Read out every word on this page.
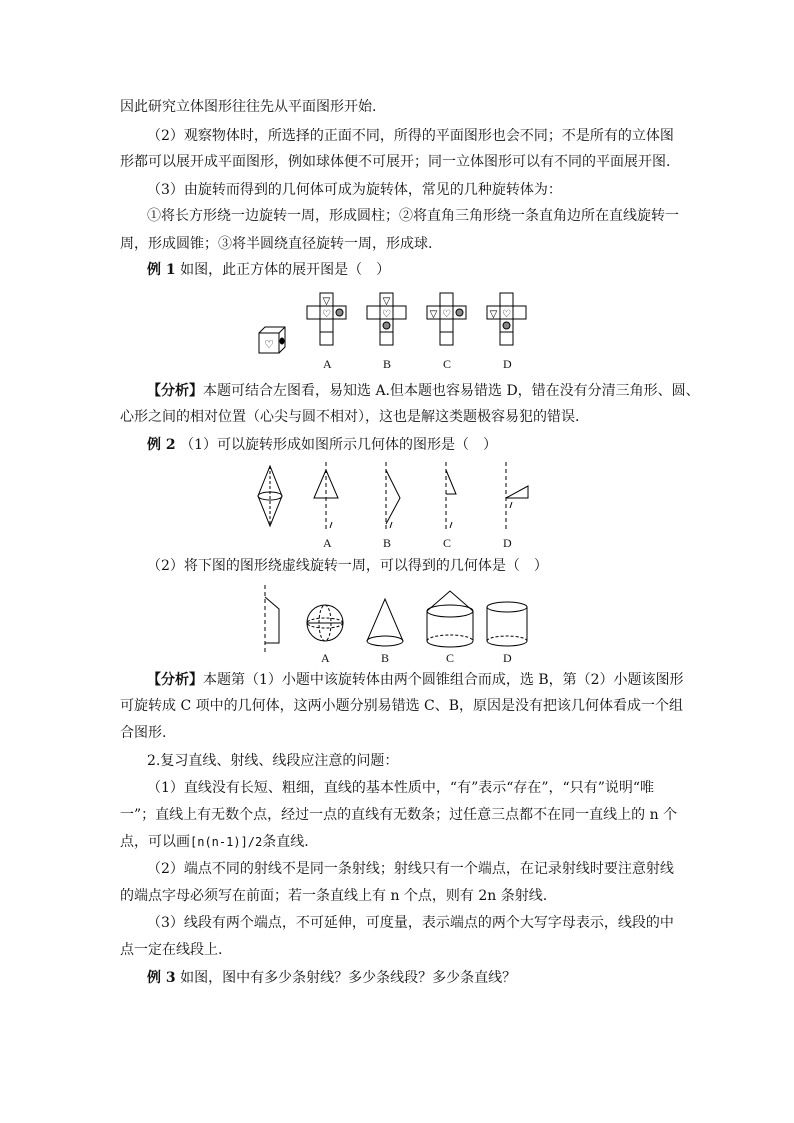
因此研究立体图形往往先从平面图形开始.
（2）观察物体时，所选择的正面不同，所得的平面图形也会不同；不是所有的立体图
形都可以展开成平面图形，例如球体便不可展开；同一立体图形可以有不同的平面展开图.
（3）由旋转而得到的几何体可成为旋转体，常见的几种旋转体为：
①将长方形绕一边旋转一周，形成圆柱；②将直角三角形绕一条直角边所在直线旋转一
周，形成圆锥；③将半圆绕直径旋转一周，形成球.
例 1 如图，此正方体的展开图是（　）
♡
▽
♡
▽
♡	▽ ♡	▽ ♡
A	B	C	D
【分析】本题可结合左图看，易知选 A.但本题也容易错选 D，错在没有分清三角形、圆、
心形之间的相对位置（心尖与圆不相对），这也是解这类题极容易犯的错误.
例 2 （1）可以旋转形成如图所示几何体的图形是（　）
A	B	C	D
（2）将下图的图形绕虚线旋转一周，可以得到的几何体是（　）
A	B	C	D
【分析】本题第（1）小题中该旋转体由两个圆锥组合而成，选 B，第（2）小题该图形
可旋转成 C 项中的几何体，这两小题分别易错选 C、B，原因是没有把该几何体看成一个组
合图形.
2.复习直线、射线、线段应注意的问题：
（1）直线没有长短、粗细，直线的基本性质中，“有”表示“存在”，“只有”说明“唯
一”；直线上有无数个点，经过一点的直线有无数条；过任意三点都不在同一直线上的 n 个
点，可以画[n(n-1)]/2条直线.
（2）端点不同的射线不是同一条射线；射线只有一个端点，在记录射线时要注意射线
的端点字母必须写在前面；若一条直线上有 n 个点，则有 2n 条射线.
（3）线段有两个端点，不可延伸，可度量，表示端点的两个大写字母表示，线段的中
点一定在线段上.
例 3 如图，图中有多少条射线？多少条线段？多少条直线？
